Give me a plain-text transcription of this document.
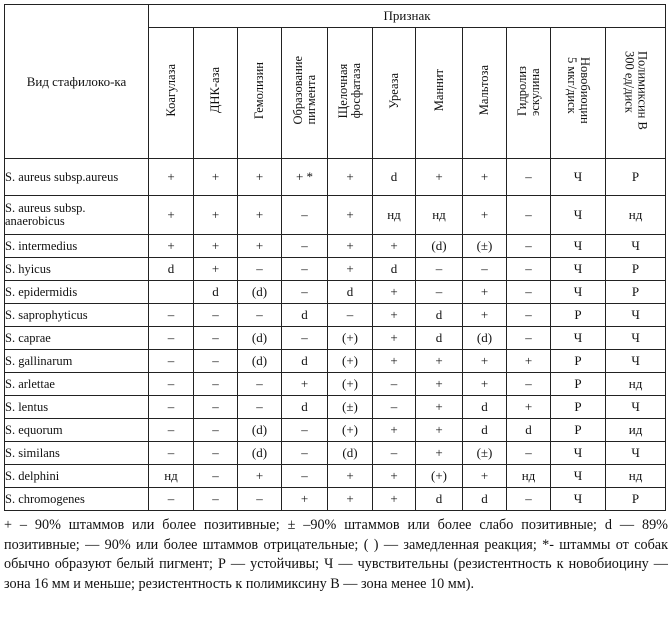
Вид стафилоко-ка	Признак										
	Коагулаза	ДНК-аза	Гемолизин	Образование
пигмента	Щелочная
фосфатаза	Уреаза	Маннит	Мальтоза	Гидролиз
эскулина	Новобиоцин
5 мкг/диск	Полимиксин В
300 ед/диск
S. aureus subsp.aureus	+	+	+	+ *	+	d	+	+	–	Ч	Р
S. aureus subsp. anaerobicus	+	+	+	–	+	нд	нд	+	–	Ч	нд
S. intermedius	+	+	+	–	+	+	(d)	(±)	–	Ч	Ч
S. hyicus	d	+	–	–	+	d	–	–	–	Ч	Р
S. epidermidis		d	(d)	–	d	+	–	+	–	Ч	Р
S. saprophyticus	–	–	–	d	–	+	d	+	–	Р	Ч
S. caprae	–	–	(d)	–	(+)	+	d	(d)	–	Ч	Ч
S. gallinarum	–	–	(d)	d	(+)	+	+	+	+	Р	Ч
S. arlettae	–	–	–	+	(+)	–	+	+	–	Р	нд
S. lentus	–	–	–	d	(±)	–	+	d	+	Р	Ч
S. equorum	–	–	(d)	–	(+)	+	+	d	d	Р	ид
S. similans	–	–	(d)	–	(d)	–	+	(±)	–	Ч	Ч
S. delphini	нд	–	+	–	+	+	(+)	+	нд	Ч	нд
S. chromogenes	–	–	–	+	+	+	d	d	–	Ч	Р

+ – 90% штаммов или более позитивные; ± –90% штаммов или более слабо позитивные; d — 89% позитивные; — 90% или более штаммов отрицательные; ( ) — замедленная реакция; *- штаммы от собак обычно образуют белый пигмент; Р — устойчивы; Ч — чувствительны (резистентность к новобиоцину — зона 16 мм и меньше; резистентность к полимиксину В — зона менее 10 мм).
